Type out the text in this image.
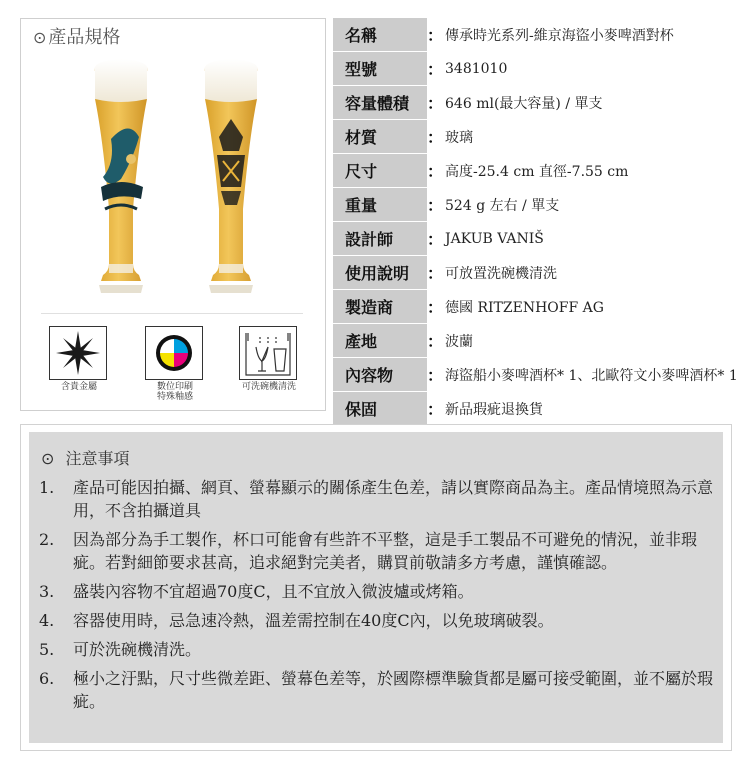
⊙ 產品規格
含貴金屬	數位印刷
特殊釉感
可洗碗機清洗
名稱	： 傳承時光系列-維京海盜小麥啤酒對杯
型號	： 3481010
容量體積	： 646 ml(最大容量) / 單支
材質	： 玻璃
尺寸	： 高度-25.4 cm 直徑-7.55 cm
重量	： 524 g 左右 / 單支
設計師	： JAKUB VANIŠ
使用說明	： 可放置洗碗機清洗
製造商	： 德國 RITZENHOFF AG
產地	： 波蘭
內容物	： 海盜船小麥啤酒杯* 1、北歐符文小麥啤酒杯* 1
保固	： 新品瑕疵退換貨
⊙ 注意事項
1.	產品可能因拍攝、網頁、螢幕顯示的關係產生色差，請以實際商品為主。產品情境照為示意用，不含拍攝道具
2.	因為部分為手工製作，杯口可能會有些許不平整，這是手工製品不可避免的情況，並非瑕疵。若對細節要求甚高，追求絕對完美者，購買前敬請多方考慮，謹慎確認。
3.	盛裝內容物不宜超過70度C，且不宜放入微波爐或烤箱。
4.	容器使用時，忌急速冷熱，溫差需控制在40度C內，以免玻璃破裂。
5.	可於洗碗機清洗。
6.	極小之汙點，尺寸些微差距、螢幕色差等，於國際標準驗貨都是屬可接受範圍，並不屬於瑕疵。
